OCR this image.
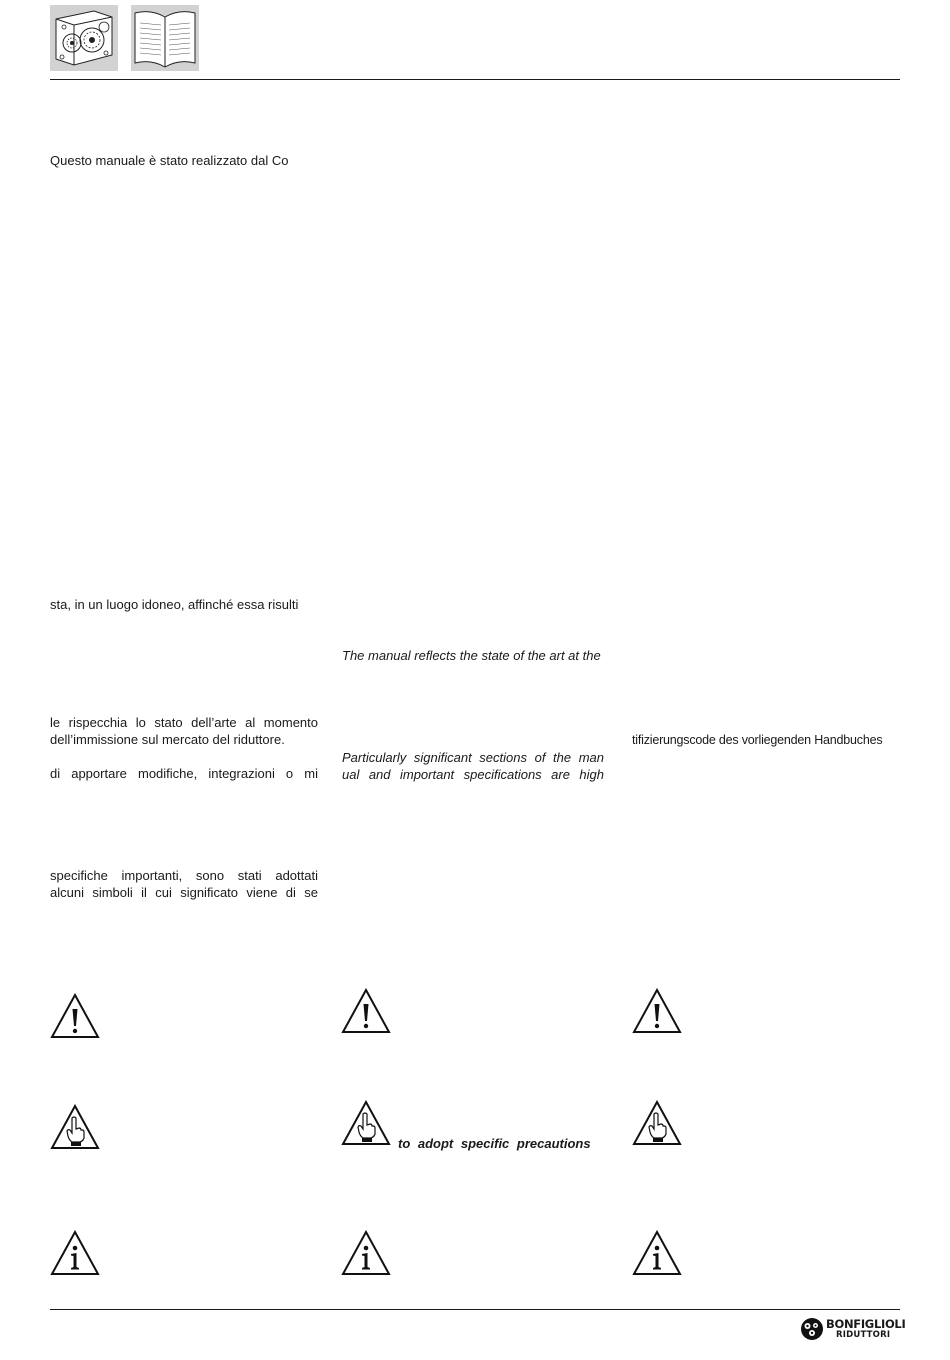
Questo manuale è stato realizzato dal Co
sta, in un luogo idoneo, affinché essa risulti
le rispecchia lo stato dell’arte al momento
dell’immissione sul mercato del riduttore.
di apportare modifiche, integrazioni o mi
specifiche importanti, sono stati adottati
alcuni simboli il cui significato viene di se
The manual reflects the state of the art at the
Particularly significant sections of the man
ual and important specifications are high
to adopt specific precautions
tifizierungscode des vorliegenden Handbuches
BONFIGLIOLI
RIDUTTORI
